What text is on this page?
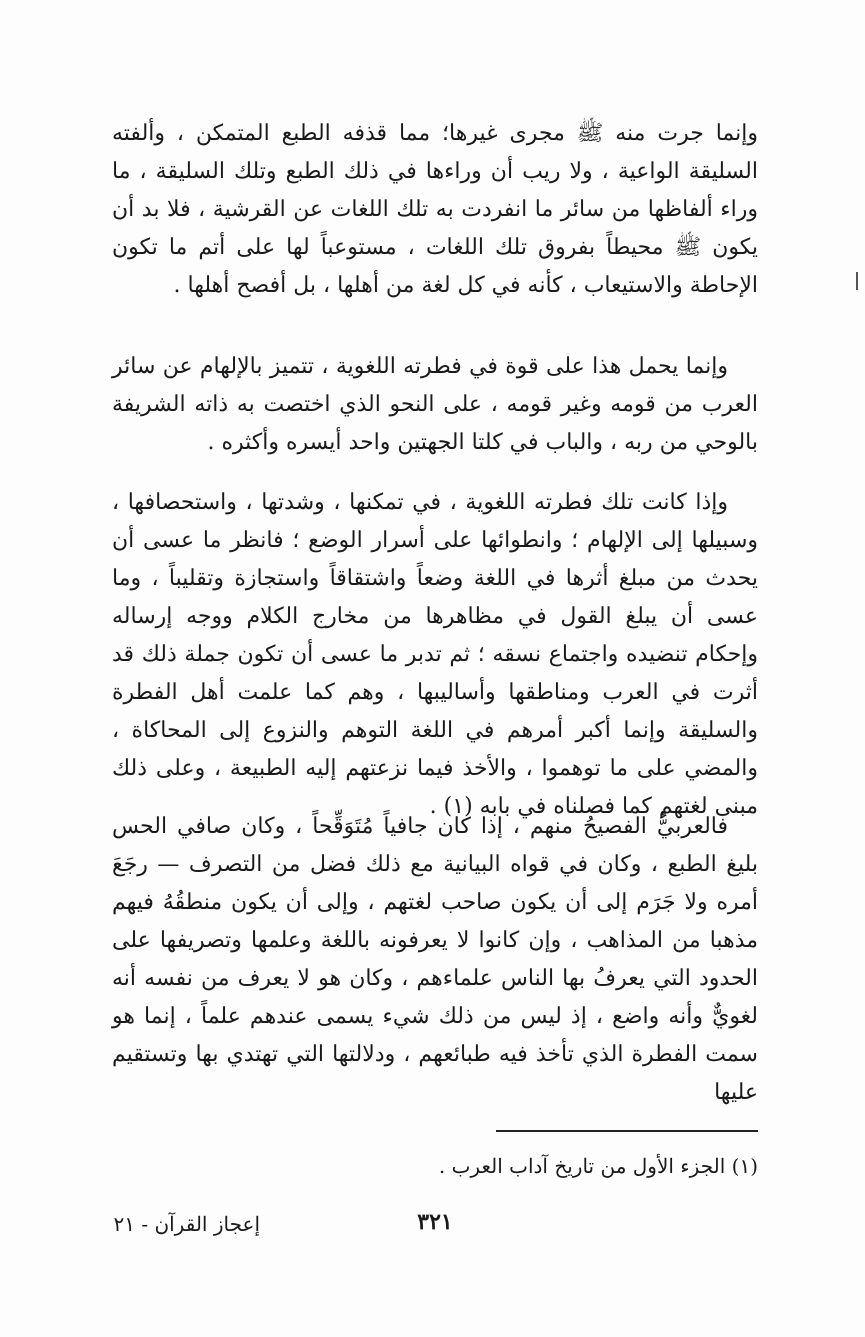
وإنما جرت منه ﷺ مجرى غيرها؛ مما قذفه الطبع المتمكن ، وألفته السليقة الواعية ، ولا ريب أن وراءها في ذلك الطبع وتلك السليقة ، ما وراء ألفاظها من سائر ما انفردت به تلك اللغات عن القرشية ، فلا بد أن يكون ﷺ محيطاً بفروق تلك اللغات ، مستوعباً لها على أتم ما تكون الإحاطة والاستيعاب ، كأنه في كل لغة من أهلها ، بل أفصح أهلها .

وإنما يحمل هذا على قوة في فطرته اللغوية ، تتميز بالإلهام عن سائر العرب من قومه وغير قومه ، على النحو الذي اختصت به ذاته الشريفة بالوحي من ربه ، والباب في كلتا الجهتين واحد أيسره وأكثره .

وإذا كانت تلك فطرته اللغوية ، في تمكنها ، وشدتها ، واستحصافها ، وسبيلها إلى الإلهام ؛ وانطوائها على أسرار الوضع ؛ فانظر ما عسى أن يحدث من مبلغ أثرها في اللغة وضعاً واشتقاقاً واستجازة وتقليباً ، وما عسى أن يبلغ القول في مظاهرها من مخارج الكلام ووجه إرساله وإحكام تنضيده واجتماع نسقه ؛ ثم تدبر ما عسى أن تكون جملة ذلك قد أثرت في العرب ومناطقها وأساليبها ، وهم كما علمت أهل الفطرة والسليقة وإنما أكبر أمرهم في اللغة التوهم والنزوع إلى المحاكاة ، والمضي على ما توهموا ، والأخذ فيما نزعتهم إليه الطبيعة ، وعلى ذلك مبنى لغتهم كما فصلناه في بابه (١) .

فالعربيُّ الفصيحُ منهم ، إذا كان جافياً مُتَوَقِّحاً ، وكان صافي الحس بليغ الطبع ، وكان في قواه البيانية مع ذلك فضل من التصرف — رجَعَ أمره ولا جَرَم إلى أن يكون صاحب لغتهم ، وإلى أن يكون منطقُهُ فيهم مذهبا من المذاهب ، وإن كانوا لا يعرفونه باللغة وعلمها وتصريفها على الحدود التي يعرفُ بها الناس علماءهم ، وكان هو لا يعرف من نفسه أنه لغويٌّ وأنه واضع ، إذ ليس من ذلك شيء يسمى عندهم علماً ، إنما هو سمت الفطرة الذي تأخذ فيه طبائعهم ، ودلالتها التي تهتدي بها وتستقيم عليها

(١) الجزء الأول من تاريخ آداب العرب .

٣٢١
إعجاز القرآن - ٢١
